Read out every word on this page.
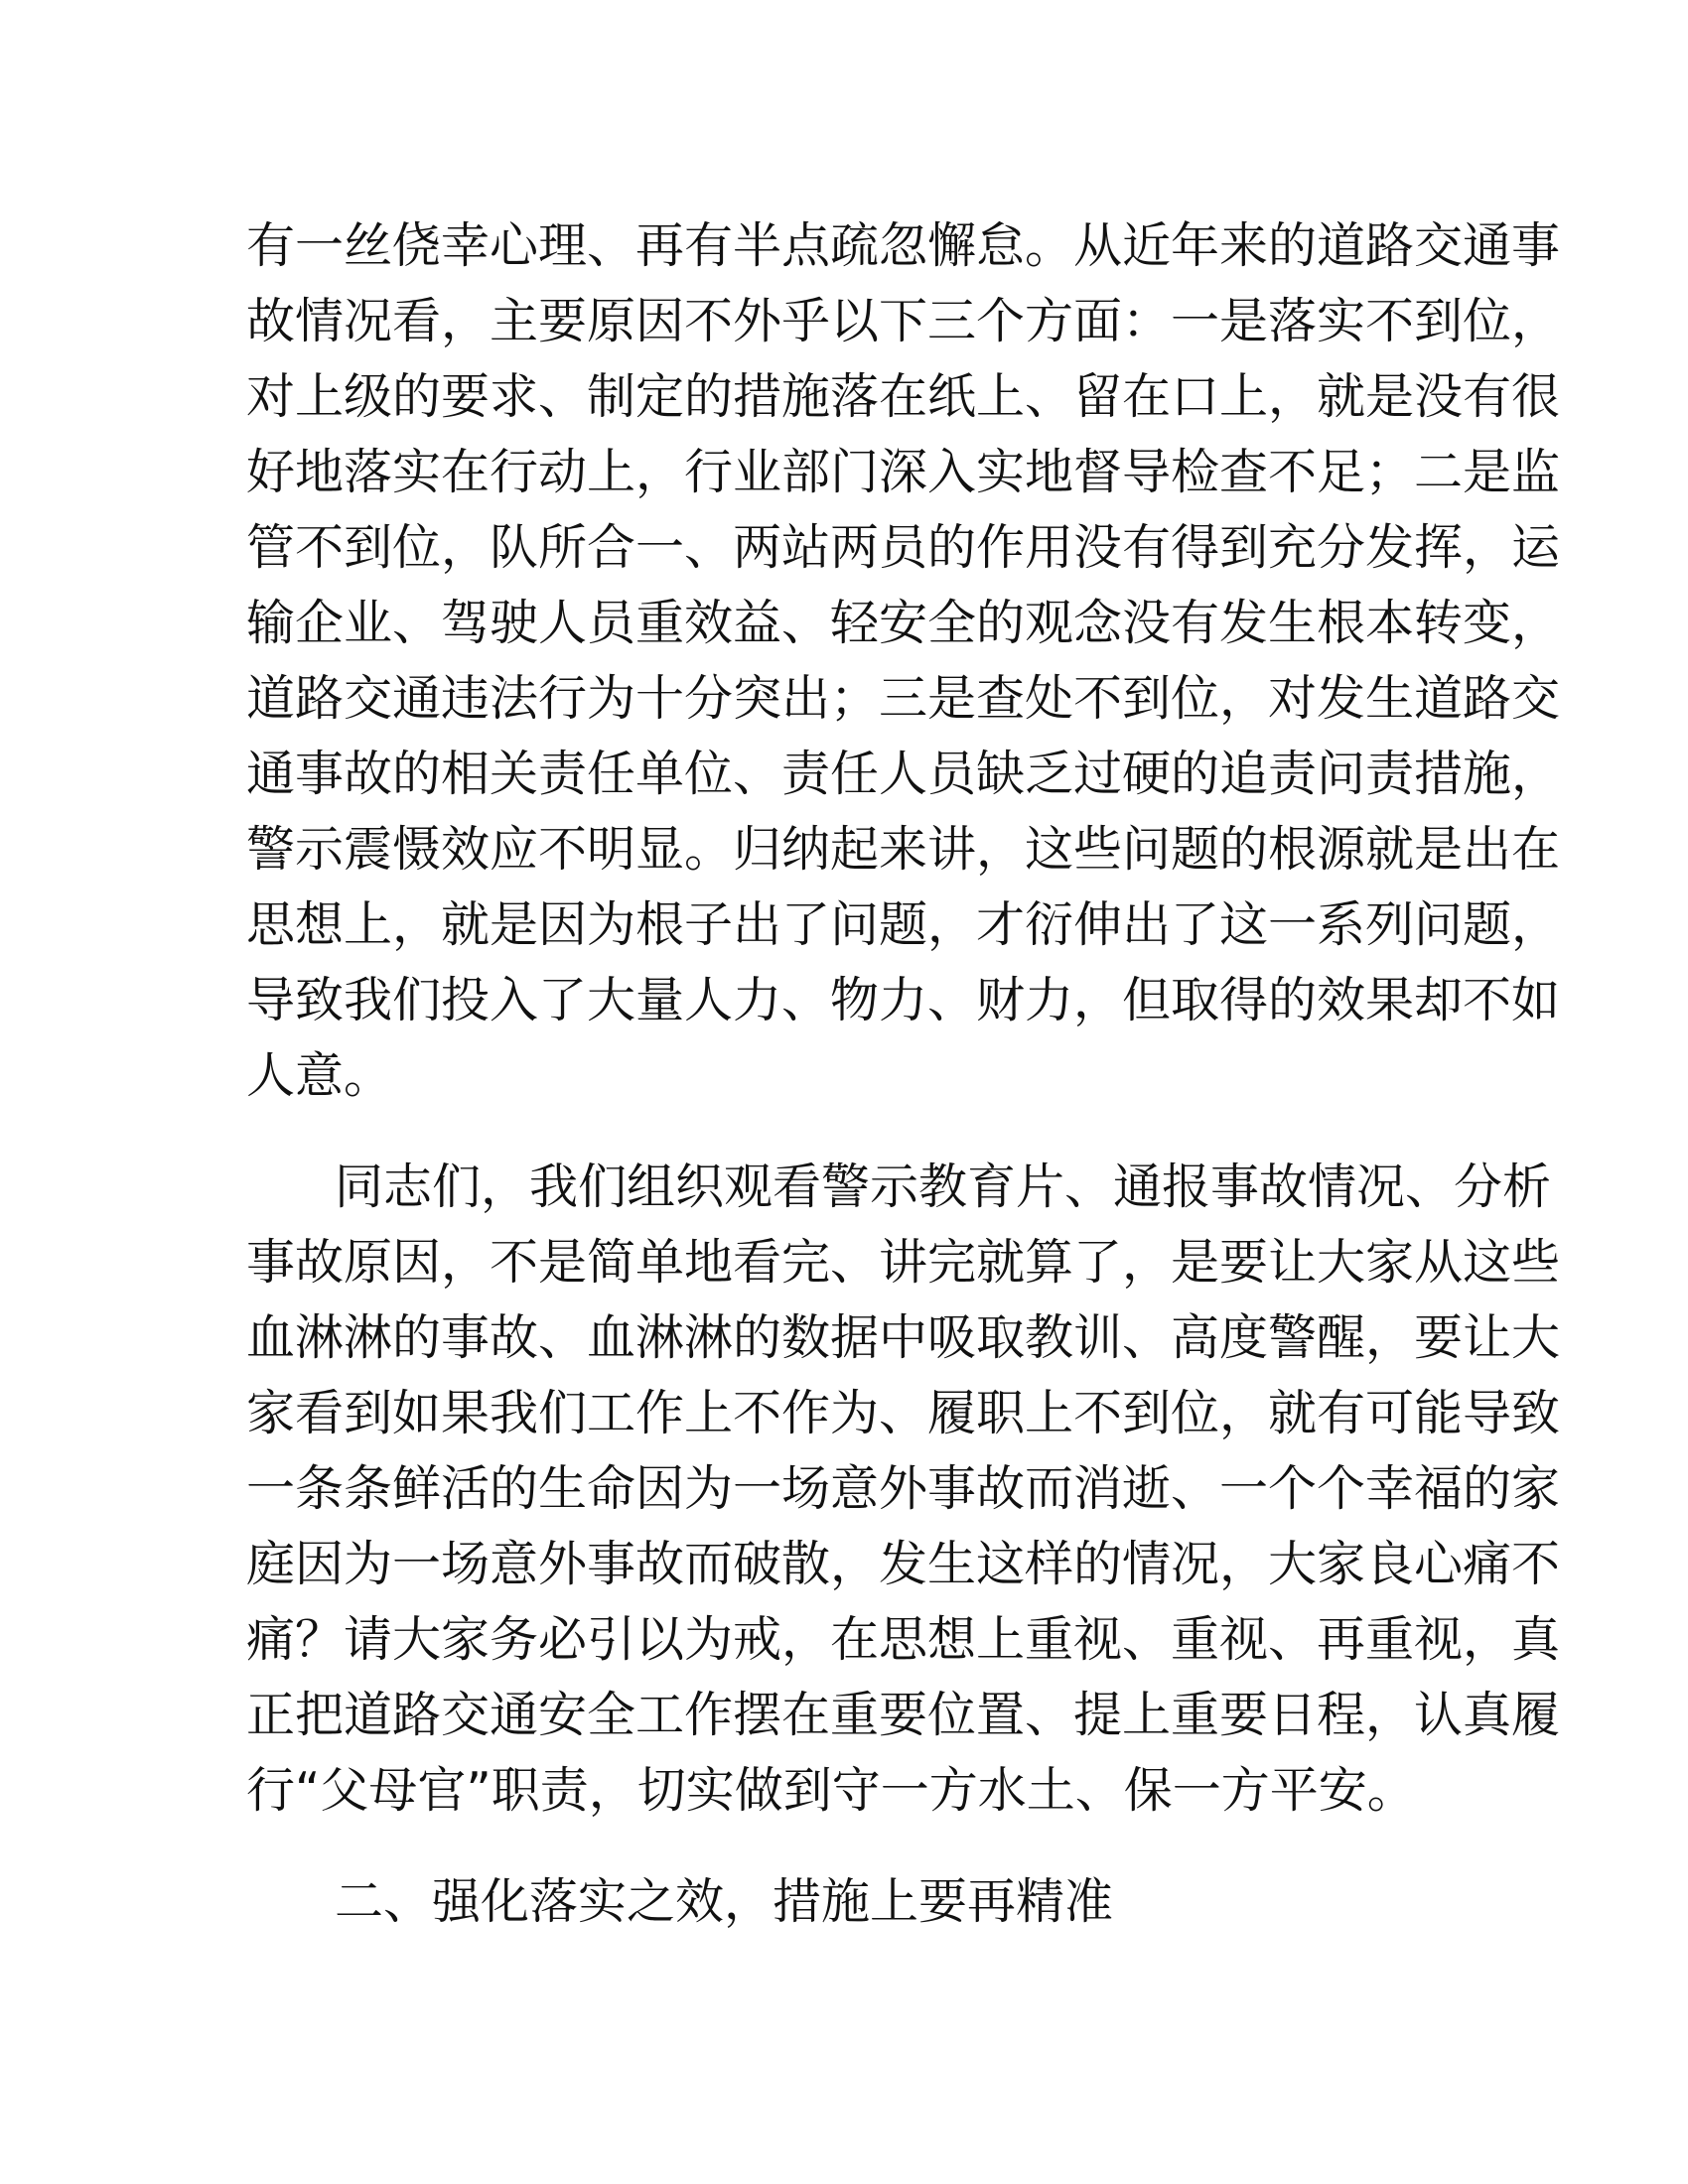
有一丝侥幸心理、再有半点疏忽懈怠。从近年来的道路交通事
故情况看，主要原因不外乎以下三个方面：一是落实不到位，
对上级的要求、制定的措施落在纸上、留在口上，就是没有很
好地落实在行动上，行业部门深入实地督导检查不足；二是监
管不到位，队所合一、两站两员的作用没有得到充分发挥，运
输企业、驾驶人员重效益、轻安全的观念没有发生根本转变，
道路交通违法行为十分突出；三是查处不到位，对发生道路交
通事故的相关责任单位、责任人员缺乏过硬的追责问责措施，
警示震慑效应不明显。归纳起来讲，这些问题的根源就是出在
思想上，就是因为根子出了问题，才衍伸出了这一系列问题，
导致我们投入了大量人力、物力、财力，但取得的效果却不如
人意。
同志们，我们组织观看警示教育片、通报事故情况、分析
事故原因，不是简单地看完、讲完就算了，是要让大家从这些
血淋淋的事故、血淋淋的数据中吸取教训、高度警醒，要让大
家看到如果我们工作上不作为、履职上不到位，就有可能导致
一条条鲜活的生命因为一场意外事故而消逝、一个个幸福的家
庭因为一场意外事故而破散，发生这样的情况，大家良心痛不
痛？请大家务必引以为戒，在思想上重视、重视、再重视，真
正把道路交通安全工作摆在重要位置、提上重要日程，认真履
行“父母官”职责，切实做到守一方水土、保一方平安。
二、强化落实之效，措施上要再精准
